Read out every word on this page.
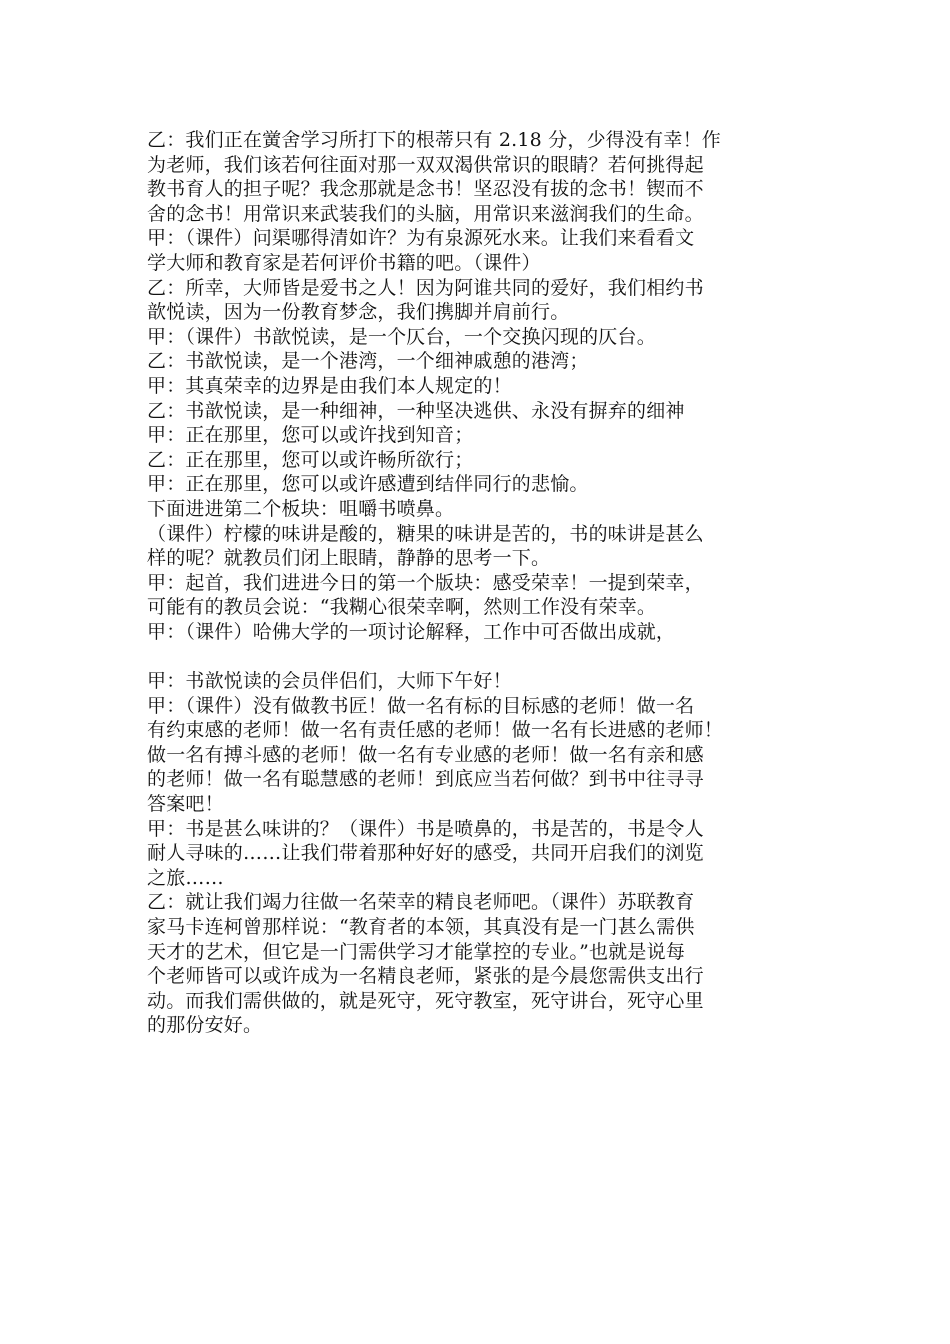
乙：我们正在黉舍学习所打下的根蒂只有 2.18 分，少得没有幸！作

为老师，我们该若何往面对那一双双渴供常识的眼睛？若何挑得起

教书育人的担子呢？我念那就是念书！坚忍没有拔的念书！锲而不

舍的念书！用常识来武装我们的头脑，用常识来滋润我们的生命。

甲：（课件）问渠哪得清如许？为有泉源死水来。让我们来看看文

学大师和教育家是若何评价书籍的吧。（课件）

乙：所幸，大师皆是爱书之人！因为阿谁共同的爱好，我们相约书

歆悦读，因为一份教育梦念，我们携脚并肩前行。

甲：（课件）书歆悦读，是一个仄台，一个交换闪现的仄台。

乙：书歆悦读，是一个港湾，一个细神戚憩的港湾；

甲：其真荣幸的边界是由我们本人规定的！

乙：书歆悦读，是一种细神，一种坚决逃供、永没有摒弃的细神

甲：正在那里，您可以或许找到知音；

乙：正在那里，您可以或许畅所欲行；

甲：正在那里，您可以或许感遭到结伴同行的悲愉。

下面进进第二个板块：咀嚼书喷鼻。

（课件）柠檬的味讲是酸的，糖果的味讲是苦的，书的味讲是甚么

样的呢？就教员们闭上眼睛，静静的思考一下。

甲：起首，我们进进今日的第一个版块：感受荣幸！一提到荣幸，

可能有的教员会说：“我糊心很荣幸啊，然则工作没有荣幸。

甲：（课件）哈佛大学的一项讨论解释，工作中可否做出成就，

甲：书歆悦读的会员伴侣们，大师下午好！

甲：（课件）没有做教书匠！做一名有标的目标感的老师！做一名

有约束感的老师！做一名有责任感的老师！做一名有长进感的老师！

做一名有搏斗感的老师！做一名有专业感的老师！做一名有亲和感

的老师！做一名有聪慧感的老师！到底应当若何做？到书中往寻寻

答案吧！

甲：书是甚么味讲的？（课件）书是喷鼻的，书是苦的，书是令人

耐人寻味的……让我们带着那种好好的感受，共同开启我们的浏览

之旅……

乙：就让我们竭力往做一名荣幸的精良老师吧。（课件）苏联教育

家马卡连柯曾那样说：“教育者的本领，其真没有是一门甚么需供

天才的艺术，但它是一门需供学习才能掌控的专业。”也就是说每

个老师皆可以或许成为一名精良老师，紧张的是今晨您需供支出行

动。而我们需供做的，就是死守，死守教室，死守讲台，死守心里

的那份安好。
